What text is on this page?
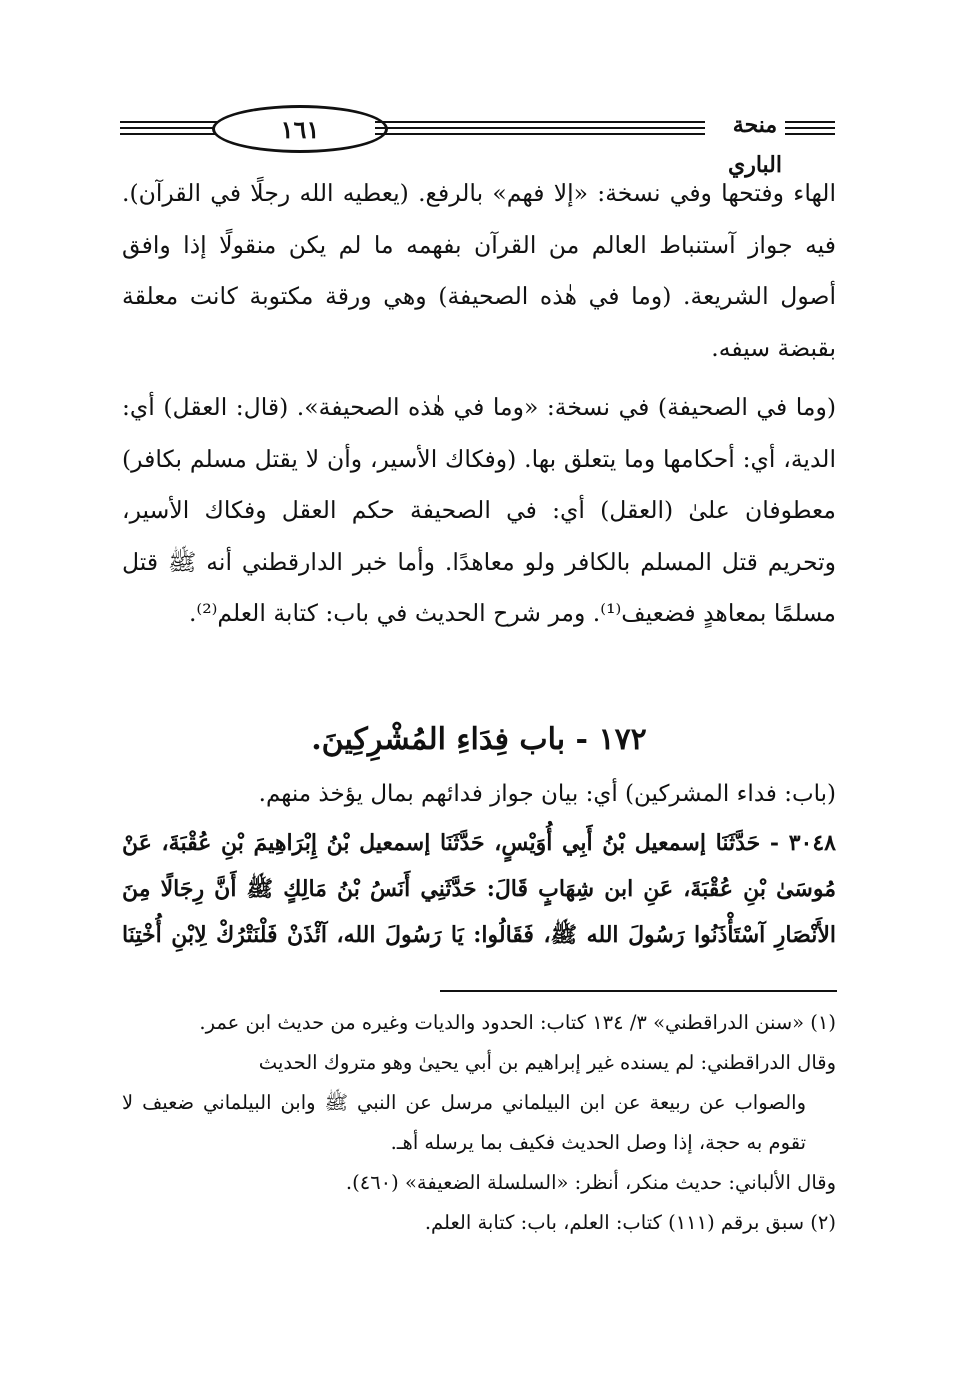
١٦١	منحة الباري

الهاء وفتحها وفي نسخة: «إلا فهم» بالرفع. (يعطيه الله رجلًا في القرآن). فيه جواز آستنباط العالم من القرآن بفهمه ما لم يكن منقولًا إذا وافق أصول الشريعة. (وما في هٰذه الصحيفة) وهي ورقة مكتوبة كانت معلقة بقبضة سيفه.

(وما في الصحيفة) في نسخة: «وما في هٰذه الصحيفة». (قال: العقل) أي: الدية، أي: أحكامها وما يتعلق بها. (وفكاك الأسير، وأن لا يقتل مسلم بكافر) معطوفان علىٰ (العقل) أي: في الصحيفة حكم العقل وفكاك الأسير، وتحريم قتل المسلم بالكافر ولو معاهدًا. وأما خبر الدارقطني أنه ﷺ قتل مسلمًا بمعاهدٍ فضعيف⁽¹⁾. ومر شرح الحديث في باب: كتابة العلم⁽²⁾.

١٧٢ - باب فِدَاءِ المُشْرِكِينَ.
(باب: فداء المشركين) أي: بيان جواز فدائهم بمال يؤخذ منهم.
٣٠٤٨ - حَدَّثَنَا إسمعيل بْنُ أَبِي أُوَيْسٍ، حَدَّثَنَا إسمعيل بْنُ إِبْرَاهِيمَ بْنِ عُقْبَةَ، عَنْ مُوسَىٰ بْنِ عُقْبَةَ، عَنِ ابن شِهَابٍ قَالَ: حَدَّثَنِي أَنَسُ بْنُ مَالِكٍ ﷺ أَنَّ رِجَالًا مِنَ الأَنْصَارِ آسْتَأْذَنُوا رَسُولَ الله ﷺ، فَقَالُوا: يَا رَسُولَ الله، آئْذَنْ فَلْنَتْرُكْ لِابْنِ أُخْتِنَا

(١) «سنن الدراقطني» ٣/ ١٣٤ كتاب: الحدود والديات وغيره من حديث ابن عمر.

وقال الدراقطني: لم يسنده غير إبراهيم بن أبي يحيىٰ وهو متروك الحديث

والصواب عن ربيعة عن ابن البيلماني مرسل عن النبي ﷺ وابن البيلماني ضعيف لا تقوم به حجة، إذا وصل الحديث فكيف بما يرسله أهـ.

وقال الألباني: حديث منكر، أنظر: «السلسلة الضعيفة» (٤٦٠).

(٢) سبق برقم (١١١) كتاب: العلم، باب: كتابة العلم.
